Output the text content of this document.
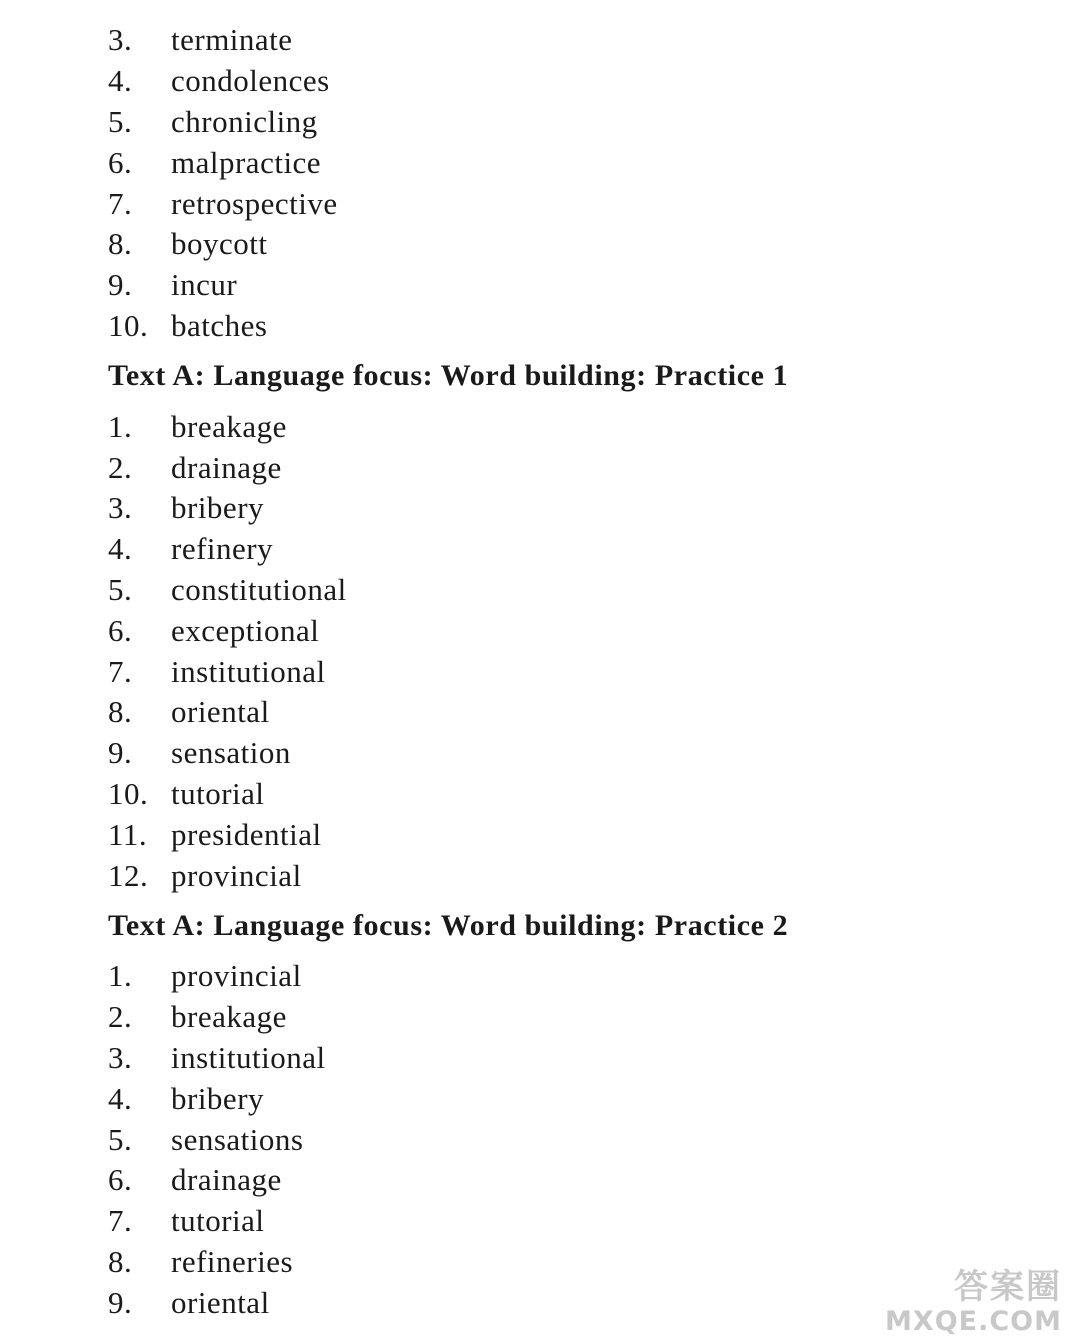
3.	terminate
4.	condolences
5.	chronicling
6.	malpractice
7.	retrospective
8.	boycott
9.	incur
10. batches
Text A: Language focus: Word building: Practice 1
1.	breakage
2.	drainage
3.	bribery
4.	refinery
5.	constitutional
6.	exceptional
7.	institutional
8.	oriental
9.	sensation
10. tutorial
11. presidential
12. provincial
Text A: Language focus: Word building: Practice 2
1.	provincial
2.	breakage
3.	institutional
4.	bribery
5.	sensations
6.	drainage
7.	tutorial
8.	refineries
9.	oriental	答案圈
MXQE.COM
